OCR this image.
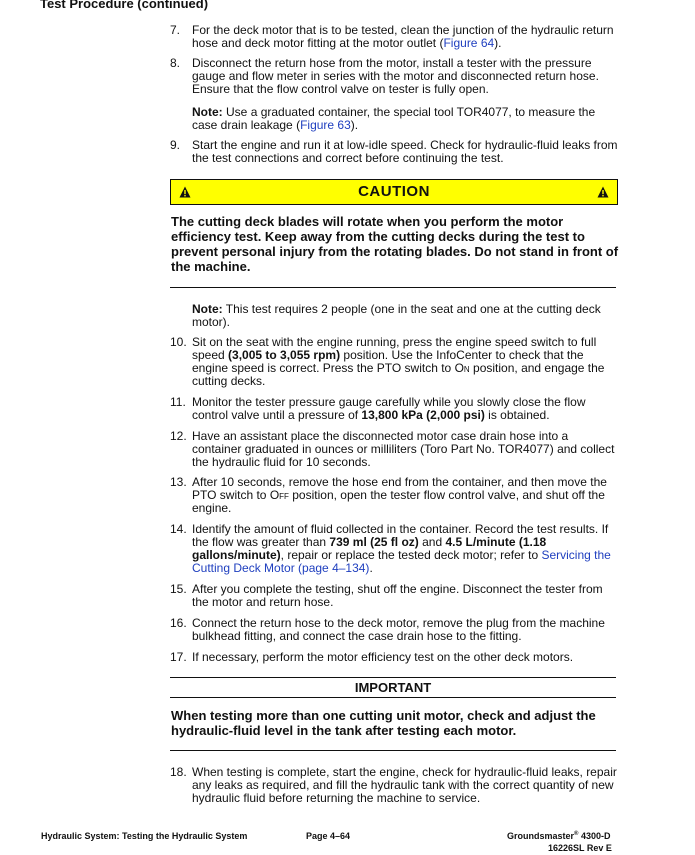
Test Procedure (continued)
7. For the deck motor that is to be tested, clean the junction of the hydraulic return hose and deck motor fitting at the motor outlet (Figure 64).
8. Disconnect the return hose from the motor, install a tester with the pressure gauge and flow meter in series with the motor and disconnected return hose. Ensure that the flow control valve on tester is fully open.
Note: Use a graduated container, the special tool TOR4077, to measure the case drain leakage (Figure 63).
9. Start the engine and run it at low-idle speed. Check for hydraulic-fluid leaks from the test connections and correct before continuing the test.
CAUTION
The cutting deck blades will rotate when you perform the motor efficiency test. Keep away from the cutting decks during the test to prevent personal injury from the rotating blades. Do not stand in front of the machine.
Note: This test requires 2 people (one in the seat and one at the cutting deck motor).
10. Sit on the seat with the engine running, press the engine speed switch to full speed (3,005 to 3,055 rpm) position. Use the InfoCenter to check that the engine speed is correct. Press the PTO switch to On position, and engage the cutting decks.
11. Monitor the tester pressure gauge carefully while you slowly close the flow control valve until a pressure of 13,800 kPa (2,000 psi) is obtained.
12. Have an assistant place the disconnected motor case drain hose into a container graduated in ounces or milliliters (Toro Part No. TOR4077) and collect the hydraulic fluid for 10 seconds.
13. After 10 seconds, remove the hose end from the container, and then move the PTO switch to Off position, open the tester flow control valve, and shut off the engine.
14. Identify the amount of fluid collected in the container. Record the test results. If the flow was greater than 739 ml (25 fl oz) and 4.5 L/minute (1.18 gallons/minute), repair or replace the tested deck motor; refer to Servicing the Cutting Deck Motor (page 4–134).
15. After you complete the testing, shut off the engine. Disconnect the tester from the motor and return hose.
16. Connect the return hose to the deck motor, remove the plug from the machine bulkhead fitting, and connect the case drain hose to the fitting.
17. If necessary, perform the motor efficiency test on the other deck motors.
IMPORTANT
When testing more than one cutting unit motor, check and adjust the hydraulic-fluid level in the tank after testing each motor.
18. When testing is complete, start the engine, check for hydraulic-fluid leaks, repair any leaks as required, and fill the hydraulic tank with the correct quantity of new hydraulic fluid before returning the machine to service.
Hydraulic System: Testing the Hydraulic System	Page 4–64	Groundsmaster® 4300-D
16226SL Rev E
